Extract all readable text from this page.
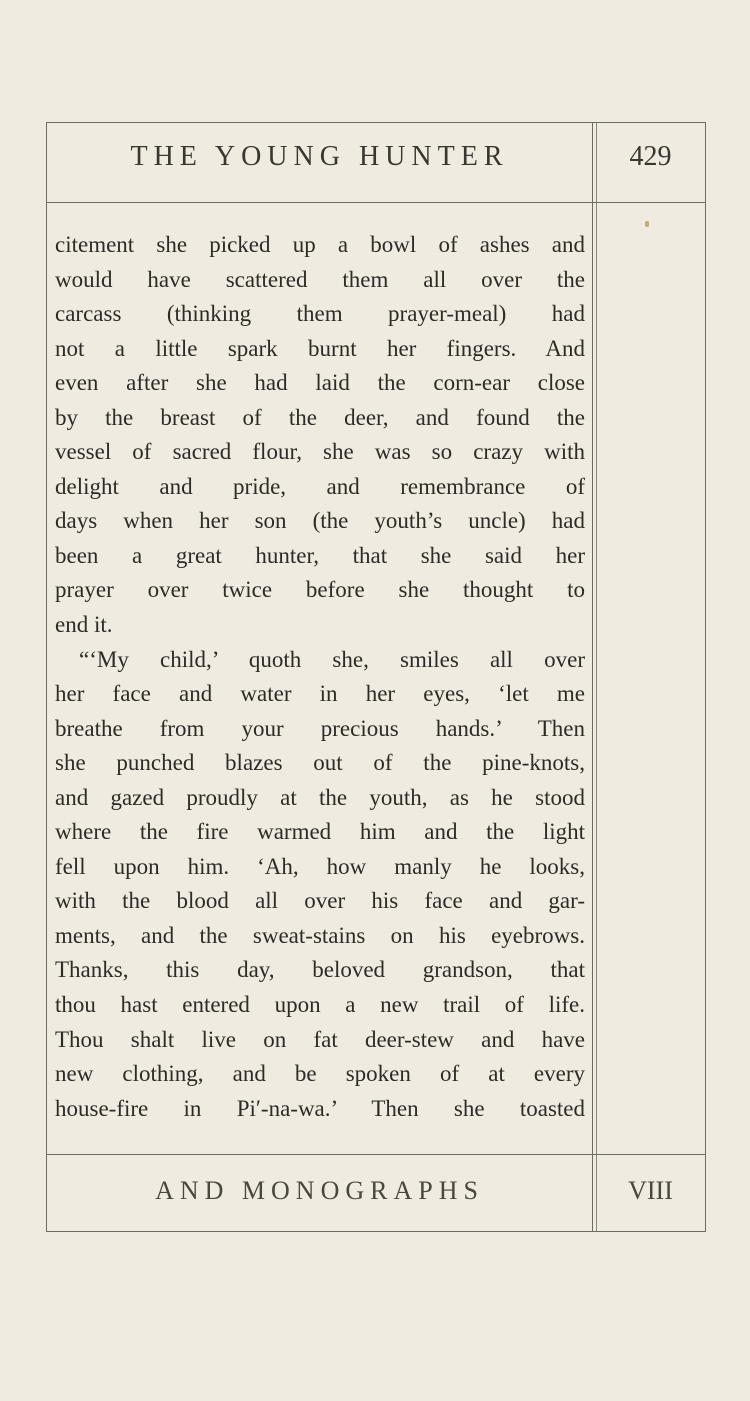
THE YOUNG HUNTER	429
AND MONOGRAPHS	VIII
citement she picked up a bowl of ashes and
would have scattered them all over the
carcass (thinking them prayer-meal) had
not a little spark burnt her fingers. And
even after she had laid the corn-ear close
by the breast of the deer, and found the
vessel of sacred flour, she was so crazy with
delight and pride, and remembrance of
days when her son (the youth’s uncle) had
been a great hunter, that she said her
prayer over twice before she thought to
end it.
“‘My child,’ quoth she, smiles all over
her face and water in her eyes, ‘let me
breathe from your precious hands.’ Then
she punched blazes out of the pine-knots,
and gazed proudly at the youth, as he stood
where the fire warmed him and the light
fell upon him. ‘Ah, how manly he looks,
with the blood all over his face and gar-
ments, and the sweat-stains on his eyebrows.
Thanks, this day, beloved grandson, that
thou hast entered upon a new trail of life.
Thou shalt live on fat deer-stew and have
new clothing, and be spoken of at every
house-fire in Pi′-na-wa.’ Then she toasted
